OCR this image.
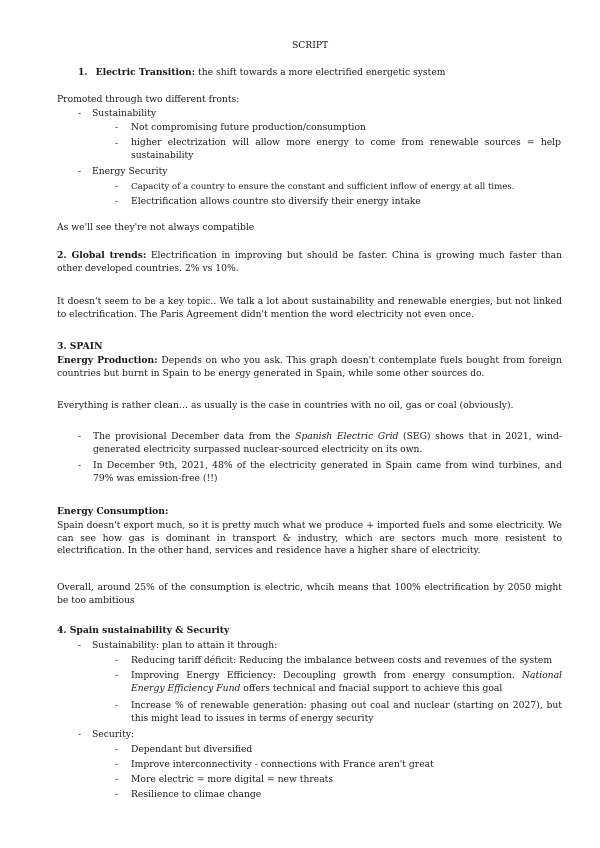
SCRIPT
1. Electric Transition: the shift towards a more electrified energetic system
Promoted through two different fronts:
- Sustainability
- Not compromising future production/consumption
- higher electrization will allow more energy to come from renewable sources = help sustainability
- Energy Security
- Capacity of a country to ensure the constant and sufficient inflow of energy at all times.
- Electrification allows countre sto diversify their energy intake
As we'll see they're not always compatible
2. Global trends: Electrification in improving but should be faster. China is growing much faster than other developed countries. 2% vs 10%.
It doesn't seem to be a key topic.. We talk a lot about sustainability and renewable energies, but not linked to electrification. The Paris Agreement didn't mention the word electricity not even once.
3. SPAIN
Energy Production: Depends on who you ask. This graph doesn't contemplate fuels bought from foreign countries but burnt in Spain to be energy generated in Spain, while some other sources do.
Everything is rather clean… as usually is the case in countries with no oil, gas or coal (obviously).
- The provisional December data from the Spanish Electric Grid (SEG) shows that in 2021, wind-generated electricity surpassed nuclear-sourced electricity on its own.
- In December 9th, 2021, 48% of the electricity generated in Spain came from wind turbines, and 79% was emission-free (!!)
Energy Consumption:
Spain doesn't export much, so it is pretty much what we produce + imported fuels and some electricity. We can see how gas is dominant in transport & industry, which are sectors much more resistent to electrification. In the other hand, services and residence have a higher share of electricity.
Overall, around 25% of the consumption is electric, whcih means that 100% electrification by 2050 might be too ambitious
4. Spain sustainability & Security
- Sustainability: plan to attain it through:
- Reducing tariff déficit: Reducing the imbalance between costs and revenues of the system
- Improving Energy Efficiency: Decoupling growth from energy consumption. National Energy Efficiency Fund offers technical and fnacial support to achieve this goal
- Increase % of renewable generation: phasing out coal and nuclear (starting on 2027), but this might lead to issues in terms of energy security
- Security:
- Dependant but diversified
- Improve interconnectivity - connections with France aren't great
- More electric = more digital = new threats
- Resilience to climae change
